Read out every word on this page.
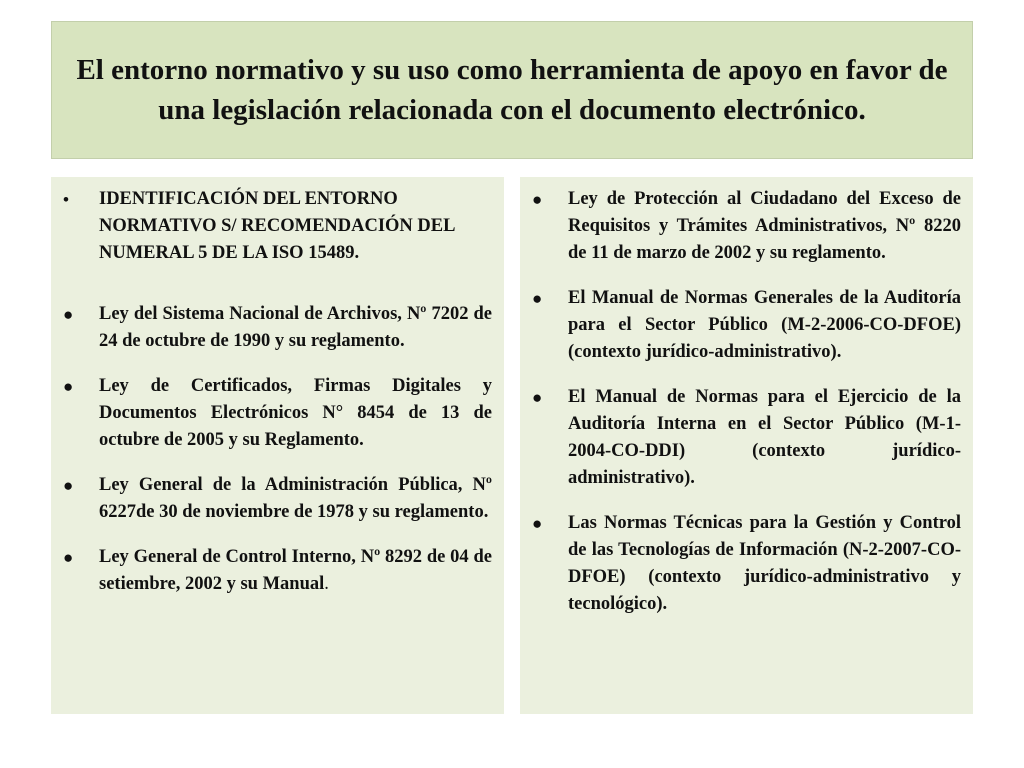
El entorno normativo y su uso como herramienta de apoyo en favor de una legislación relacionada con el documento electrónico.
•	IDENTIFICACIÓN DEL ENTORNO NORMATIVO S/ RECOMENDACIÓN DEL NUMERAL 5 DE LA ISO 15489.
●	Ley del Sistema Nacional de Archivos, Nº 7202 de 24 de octubre de 1990 y su reglamento.
●	Ley de Certificados, Firmas Digitales y Documentos Electrónicos N° 8454 de 13 de octubre de 2005 y su Reglamento.
●	Ley General de la Administración Pública, Nº 6227de 30 de noviembre de 1978 y su reglamento.
●	Ley General de Control Interno, Nº 8292 de 04 de setiembre, 2002 y su Manual.
●	Ley de Protección al Ciudadano del Exceso de Requisitos y Trámites Administrativos, Nº 8220 de 11 de marzo de 2002 y su reglamento.
●	El Manual de Normas Generales de la Auditoría para el Sector Público (M-2-2006-CO-DFOE) (contexto jurídico-administrativo).
●	El Manual de Normas para el Ejercicio de la Auditoría Interna en el Sector Público (M-1-2004-CO-DDI) (contexto jurídico-administrativo).
●	Las Normas Técnicas para la Gestión y Control de las Tecnologías de Información (N-2-2007-CO-DFOE) (contexto jurídico-administrativo y tecnológico).
